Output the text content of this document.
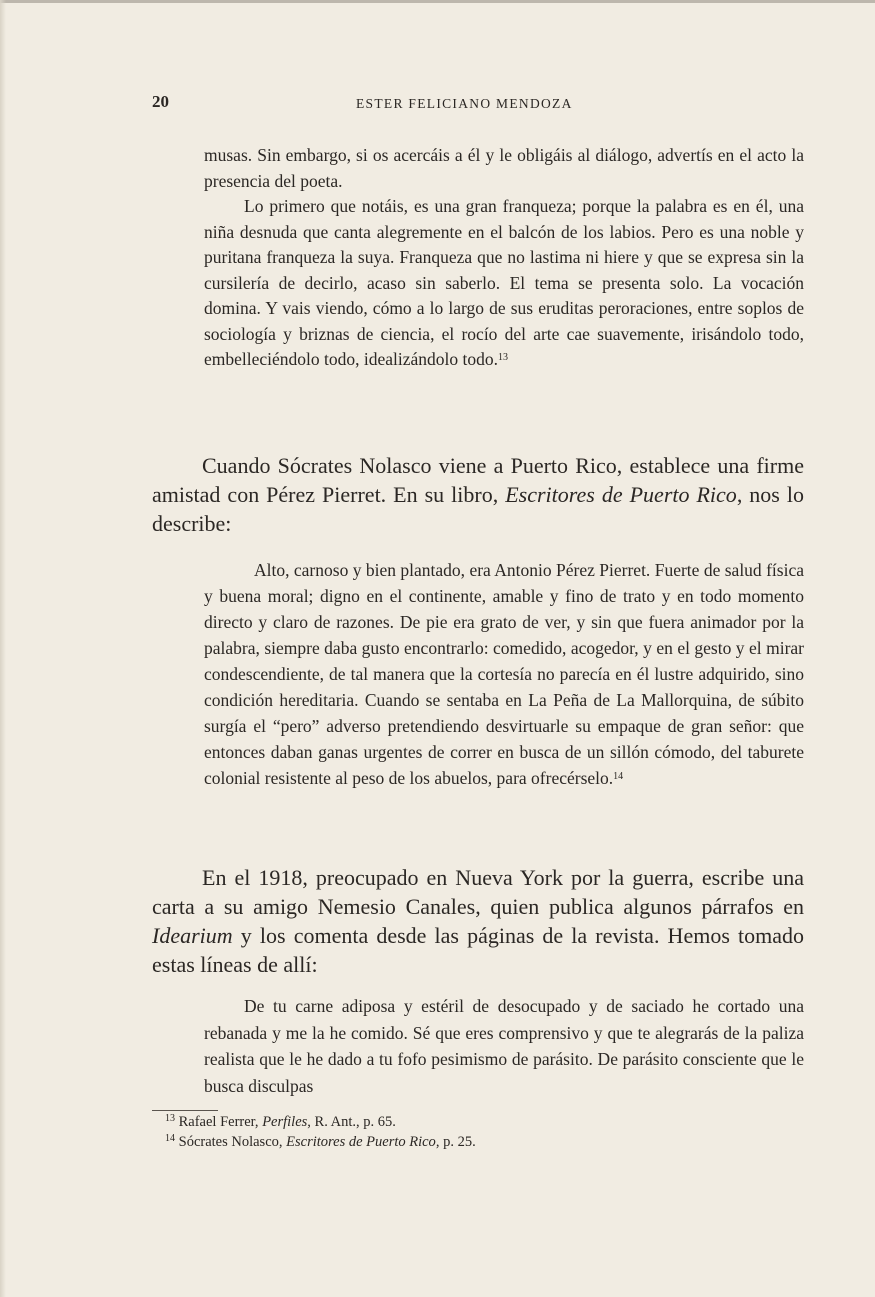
20	ESTER FELICIANO MENDOZA

musas. Sin embargo, si os acercáis a él y le obligáis al diálogo, advertís en el acto la presencia del poeta.

Lo primero que notáis, es una gran franqueza; porque la palabra es en él, una niña desnuda que canta alegremente en el balcón de los labios. Pero es una noble y puritana franqueza la suya. Franqueza que no lastima ni hiere y que se expresa sin la cursilería de decirlo, acaso sin saberlo. El tema se presenta solo. La vocación domina. Y vais viendo, cómo a lo largo de sus eruditas peroraciones, entre soplos de sociología y briznas de ciencia, el rocío del arte cae suavemente, irisándolo todo, embelleciéndolo todo, idealizándolo todo.$^{13}$

Cuando Sócrates Nolasco viene a Puerto Rico, establece una firme amistad con Pérez Pierret. En su libro, Escritores de Puerto Rico, nos lo describe:
Alto, carnoso y bien plantado, era Antonio Pérez Pierret. Fuerte de salud física y buena moral; digno en el continente, amable y fino de trato y en todo momento directo y claro de razones. De pie era grato de ver, y sin que fuera animador por la palabra, siempre daba gusto encontrarlo: comedido, acogedor, y en el gesto y el mirar condescendiente, de tal manera que la cortesía no parecía en él lustre adquirido, sino condición hereditaria. Cuando se sentaba en La Peña de La Mallorquina, de súbito surgía el “pero” adverso pretendiendo desvirtuarle su empaque de gran señor: que entonces daban ganas urgentes de correr en busca de un sillón cómodo, del taburete colonial resistente al peso de los abuelos, para ofrecérselo.$^{14}$
En el 1918, preocupado en Nueva York por la guerra, escribe una carta a su amigo Nemesio Canales, quien publica algunos párrafos en Idearium y los comenta desde las páginas de la revista. Hemos tomado estas líneas de allí:
De tu carne adiposa y estéril de desocupado y de saciado he cortado una rebanada y me la he comido. Sé que eres comprensivo y que te alegrarás de la paliza realista que le he dado a tu fofo pesimismo de parásito. De parásito consciente que le busca disculpas
$^{13}$ Rafael Ferrer, Perfiles, R. Ant., p. 65.
$^{14}$ Sócrates Nolasco, Escritores de Puerto Rico, p. 25.
